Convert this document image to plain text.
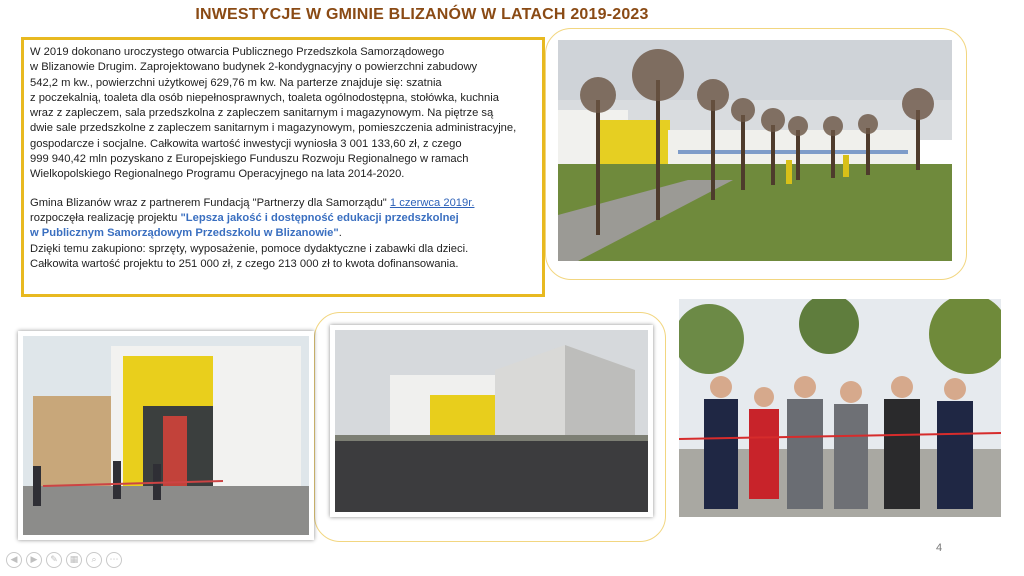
INWESTYCJE W GMINIE BLIZANÓW W LATACH 2019-2023

W 2019 dokonano uroczystego otwarcia Publicznego Przedszkola Samorządowego

w Blizanowie Drugim. Zaprojektowano budynek 2-kondygnacyjny o powierzchni zabudowy

542,2 m kw., powierzchni użytkowej 629,76 m kw. Na parterze znajduje się: szatnia

z poczekalnią, toaleta dla osób niepełnosprawnych, toaleta ogólnodostępna, stołówka, kuchnia

wraz z zapleczem, sala przedszkolna z zapleczem sanitarnym i magazynowym. Na piętrze są

dwie sale przedszkolne z zapleczem sanitarnym i magazynowym, pomieszczenia administracyjne,

gospodarcze i socjalne. Całkowita wartość inwestycji wyniosła 3 001 133,60 zł, z czego

999 940,42 mln pozyskano z Europejskiego Funduszu Rozwoju Regionalnego w ramach

Wielkopolskiego Regionalnego Programu Operacyjnego na lata 2014-2020.

Gmina Blizanów wraz z partnerem Fundacją "Partnerzy dla Samorządu" 1 czerwca 2019r.

rozpoczęła realizację projektu "Lepsza jakość i dostępność edukacji przedszkolnej

w Publicznym Samorządowym Przedszkolu w Blizanowie".

Dzięki temu zakupiono: sprzęty, wyposażenie, pomoce dydaktyczne i zabawki dla dzieci.

Całkowita wartość projektu to 251 000 zł, z czego 213 000 zł to kwota dofinansowania.

4
◀	▶	✎	▦	⌕	⋯
